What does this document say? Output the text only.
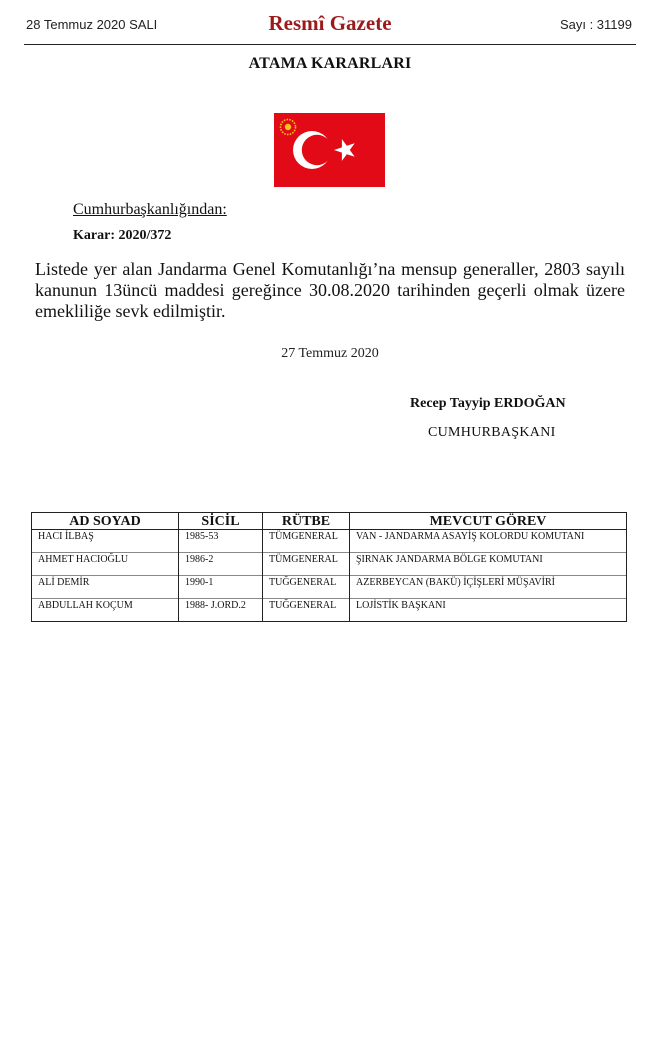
28 Temmuz 2020 SALI	Resmî Gazete	Sayı : 31199
ATAMA KARARLARI
Cumhurbaşkanlığından:
Karar: 2020/372
Listede yer alan Jandarma Genel Komutanlığı’na mensup generaller, 2803 sayılı kanunun 13üncü maddesi gereğince 30.08.2020 tarihinden geçerli olmak üzere emekliliğe sevk edilmiştir.
27 Temmuz 2020
Recep Tayyip ERDOĞAN
CUMHURBAŞKANI
AD SOYAD	SİCİL	RÜTBE	MEVCUT GÖREV
HACI İLBAŞ	1985-53	TÜMGENERAL	VAN - JANDARMA ASAYİŞ KOLORDU KOMUTANI
AHMET HACIOĞLU	1986-2	TÜMGENERAL	ŞIRNAK JANDARMA BÖLGE KOMUTANI
ALİ DEMİR	1990-1	TUĞGENERAL	AZERBEYCAN (BAKÜ) İÇİŞLERİ MÜŞAVİRİ
ABDULLAH KOÇUM	1988- J.ORD.2	TUĞGENERAL	LOJİSTİK BAŞKANI
